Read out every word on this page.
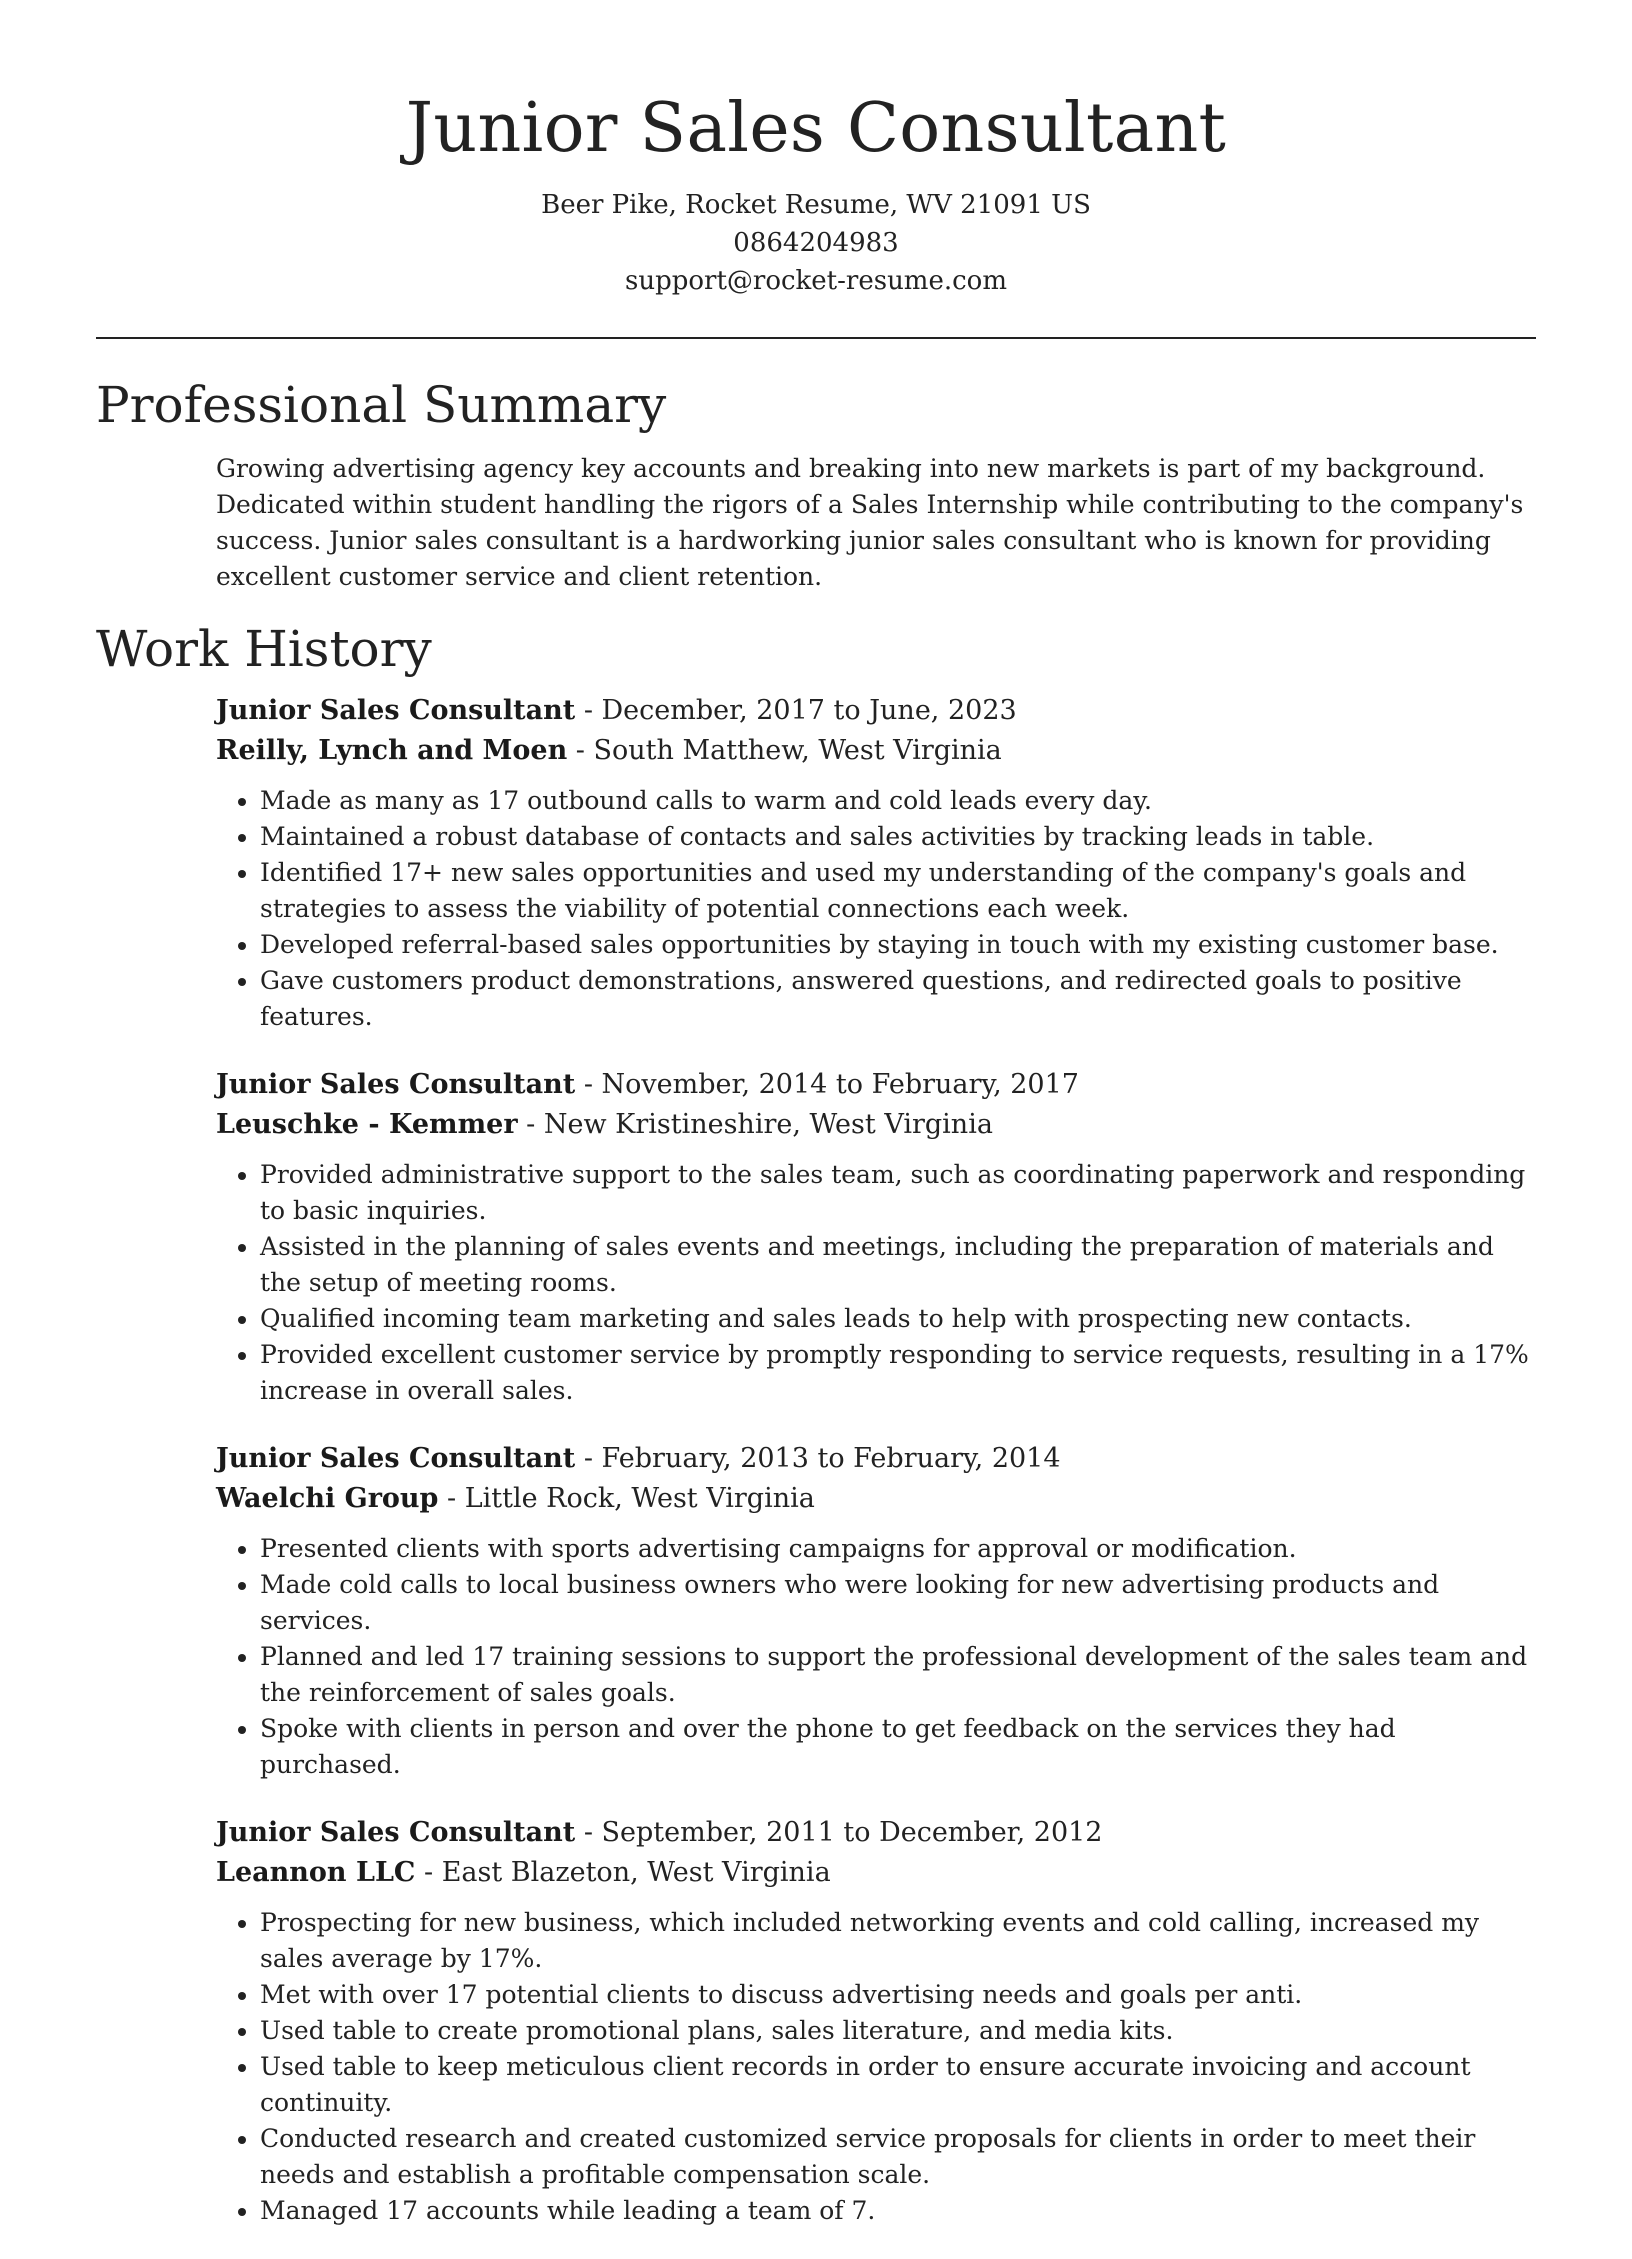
Junior Sales Consultant
Beer Pike, Rocket Resume, WV 21091 US
0864204983
support@rocket-resume.com
Professional Summary
Growing advertising agency key accounts and breaking into new markets is part of my background. Dedicated within student handling the rigors of a Sales Internship while contributing to the company's success. Junior sales consultant is a hardworking junior sales consultant who is known for providing excellent customer service and client retention.
Work History
Junior Sales Consultant - December, 2017 to June, 2023
Reilly, Lynch and Moen - South Matthew, West Virginia
• Made as many as 17 outbound calls to warm and cold leads every day.
• Maintained a robust database of contacts and sales activities by tracking leads in table.
• Identified 17+ new sales opportunities and used my understanding of the company's goals and strategies to assess the viability of potential connections each week.
• Developed referral-based sales opportunities by staying in touch with my existing customer base.
• Gave customers product demonstrations, answered questions, and redirected goals to positive features.
Junior Sales Consultant - November, 2014 to February, 2017
Leuschke - Kemmer - New Kristineshire, West Virginia
• Provided administrative support to the sales team, such as coordinating paperwork and responding to basic inquiries.
• Assisted in the planning of sales events and meetings, including the preparation of materials and the setup of meeting rooms.
• Qualified incoming team marketing and sales leads to help with prospecting new contacts.
• Provided excellent customer service by promptly responding to service requests, resulting in a 17% increase in overall sales.
Junior Sales Consultant - February, 2013 to February, 2014
Waelchi Group - Little Rock, West Virginia
• Presented clients with sports advertising campaigns for approval or modification.
• Made cold calls to local business owners who were looking for new advertising products and services.
• Planned and led 17 training sessions to support the professional development of the sales team and the reinforcement of sales goals.
• Spoke with clients in person and over the phone to get feedback on the services they had purchased.
Junior Sales Consultant - September, 2011 to December, 2012
Leannon LLC - East Blazeton, West Virginia
• Prospecting for new business, which included networking events and cold calling, increased my sales average by 17%.
• Met with over 17 potential clients to discuss advertising needs and goals per anti.
• Used table to create promotional plans, sales literature, and media kits.
• Used table to keep meticulous client records in order to ensure accurate invoicing and account continuity.
• Conducted research and created customized service proposals for clients in order to meet their needs and establish a profitable compensation scale.
• Managed 17 accounts while leading a team of 7.
